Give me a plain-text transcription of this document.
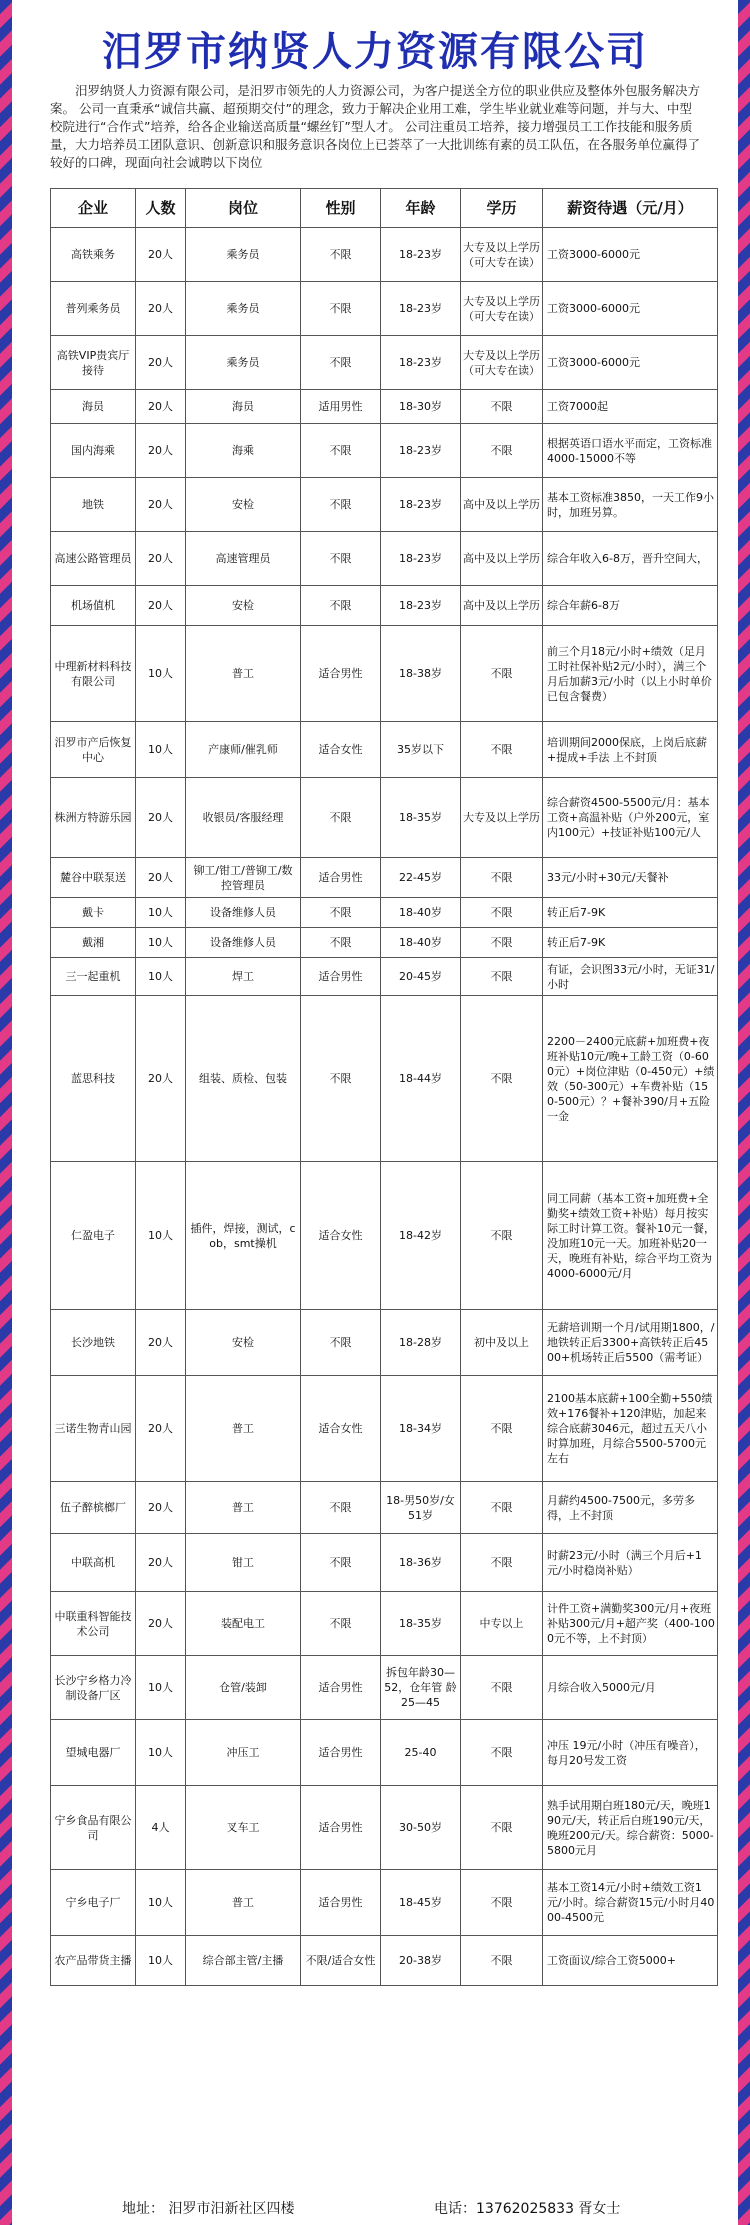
汨罗市纳贤人力资源有限公司
汨罗纳贤人力资源有限公司，是汨罗市领先的人力资源公司，为客户提送全方位的职业供应及整体外包服务解决方案。 公司一直秉承“诚信共赢、超预期交付”的理念，致力于解决企业用工难，学生毕业就业难等问题，并与大、中型校院进行“合作式”培养，给各企业输送高质量“螺丝钉”型人才。 公司注重员工培养，接力增强员工工作技能和服务质量，大力培养员工团队意识、创新意识和服务意识各岗位上已荟萃了一大批训练有素的员工队伍，在各服务单位赢得了较好的口碑，现面向社会诚聘以下岗位
企业	人数	岗位	性别	年龄	学历	薪资待遇（元/月）
高铁乘务	20人	乘务员	不限	18-23岁	大专及以上学历（可大专在读）	工资3000-6000元
普列乘务员	20人	乘务员	不限	18-23岁	大专及以上学历（可大专在读）	工资3000-6000元
高铁VIP贵宾厅接待	20人	乘务员	不限	18-23岁	大专及以上学历（可大专在读）	工资3000-6000元
海员	20人	海员	适用男性	18-30岁	不限	工资7000起
国内海乘	20人	海乘	不限	18-23岁	不限	根据英语口语水平而定，工资标准4000-15000不等
地铁	20人	安检	不限	18-23岁	高中及以上学历	基本工资标准3850，一天工作9小时，加班另算。
高速公路管理员	20人	高速管理员	不限	18-23岁	高中及以上学历	综合年收入6-8万，晋升空间大，
机场值机	20人	安检	不限	18-23岁	高中及以上学历	综合年薪6-8万
中理新材料科技有限公司	10人	普工	适合男性	18-38岁	不限	前三个月18元/小时+绩效（足月工时社保补贴2元/小时），满三个月后加薪3元/小时（以上小时单价已包含餐费）
汨罗市产后恢复中心	10人	产康师/催乳师	适合女性	35岁以下	不限	培训期间2000保底，上岗后底薪+提成+手法 上不封顶
株洲方特游乐园	20人	收银员/客服经理	不限	18-35岁	大专及以上学历	综合薪资4500-5500元/月：基本工资+高温补贴（户外200元，室内100元）+技证补贴100元/人
麓谷中联泵送	20人	铆工/钳工/普铆工/数控管理员	适合男性	22-45岁	不限	33元/小时+30元/天餐补
戴卡	10人	设备维修人员	不限	18-40岁	不限	转正后7-9K
戴湘	10人	设备维修人员	不限	18-40岁	不限	转正后7-9K
三一起重机	10人	焊工	适合男性	20-45岁	不限	有证，会识图33元/小时，无证31/小时
蓝思科技	20人	组装、质检、包装	不限	18-44岁	不限	2200－2400元底薪+加班费+夜班补贴10元/晚+工龄工资（0-600元）+岗位津贴（0-450元）+绩效（50-300元）+车费补贴（150-500元）？+餐补390/月+五险一金
仁盈电子	10人	插件，焊接，测试，cob，smt操机	适合女性	18-42岁	不限	同工同薪（基本工资+加班费+全勤奖+绩效工资+补贴）每月按实际工时计算工资。餐补10元一餐，没加班10元一天。加班补贴20一天，晚班有补贴，综合平均工资为4000-6000元/月
长沙地铁	20人	安检	不限	18-28岁	初中及以上	无薪培训期一个月/试用期1800，/地铁转正后3300+高铁转正后4500+机场转正后5500（需考证）
三诺生物青山园	20人	普工	适合女性	18-34岁	不限	2100基本底薪+100全勤+550绩效+176餐补+120津贴，加起来综合底薪3046元，超过五天八小时算加班，月综合5500-5700元左右
伍子醉槟榔厂	20人	普工	不限	18-男50岁/女51岁	不限	月薪约4500-7500元，多劳多得，上不封顶
中联高机	20人	钳工	不限	18-36岁	不限	时薪23元/小时（满三个月后+1元/小时稳岗补贴）
中联重科智能技术公司	20人	装配电工	不限	18-35岁	中专以上	计件工资+满勤奖300元/月+夜班补贴300元/月+超产奖（400-1000元不等，上不封顶）
长沙宁乡格力冷制设备厂区	10人	仓管/装卸	适合男性	拆包年龄30—52，仓年管 龄25—45	不限	月综合收入5000元/月
望城电器厂	10人	冲压工	适合男性	25-40	不限	冲压 19元/小时（冲压有噪音），每月20号发工资
宁乡食品有限公司	4人	叉车工	适合男性	30-50岁	不限	熟手试用期白班180元/天，晚班190元/天，转正后白班190元/天，晚班200元/天。综合薪资：5000-5800元月
宁乡电子厂	10人	普工	适合男性	18-45岁	不限	基本工资14元/小时+绩效工资1元/小时。综合薪资15元/小时月4000-4500元
农产品带货主播	10人	综合部主管/主播	不限/适合女性	20-38岁	不限	工资面议/综合工资5000+
地址： 汨罗市汨新社区四楼	电话：13762025833 胥女士
